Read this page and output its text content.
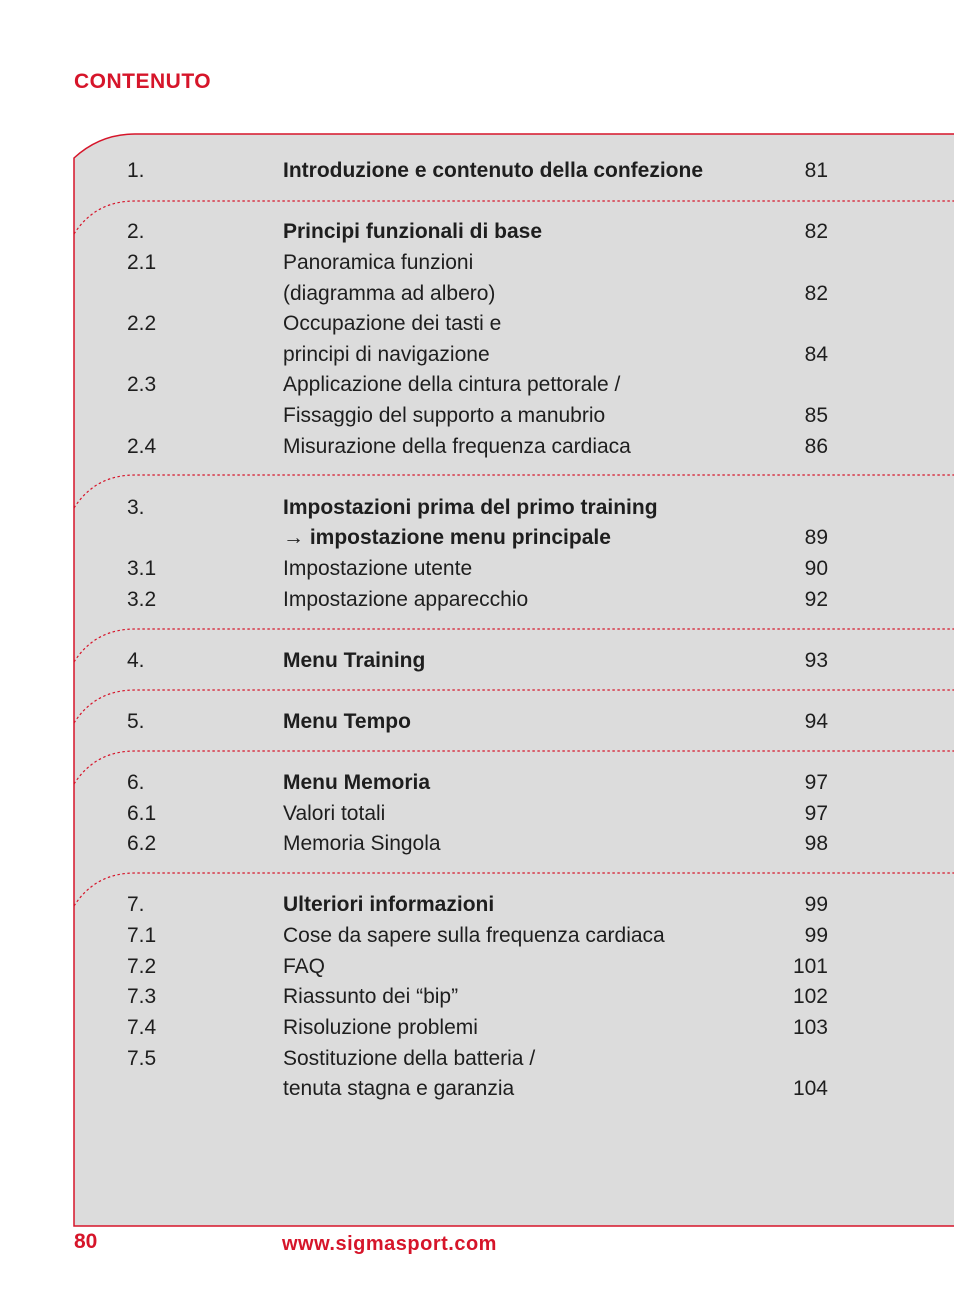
CONTENUTO
1.	Introduzione e contenuto della confezione	81
2.	Principi funzionali di base	82
2.1	Panoramica funzioni
(diagramma ad albero)	82
2.2	Occupazione dei tasti e
principi di navigazione	84
2.3	Applicazione della cintura pettorale /
Fissaggio del supporto a manubrio	85
2.4	Misurazione della frequenza cardiaca	86
3.	Impostazioni prima del primo training
→ impostazione menu principale	89
3.1	Impostazione utente	90
3.2	Impostazione apparecchio	92
4.	Menu Training	93
5.	Menu Tempo	94
6.	Menu Memoria	97
6.1	Valori totali	97
6.2	Memoria Singola	98
7.	Ulteriori informazioni	99
7.1	Cose da sapere sulla frequenza cardiaca	99
7.2	FAQ	101
7.3	Riassunto dei “bip”	102
7.4	Risoluzione problemi	103
7.5	Sostituzione della batteria /
tenuta stagna e garanzia	104
80	www.sigmasport.com
